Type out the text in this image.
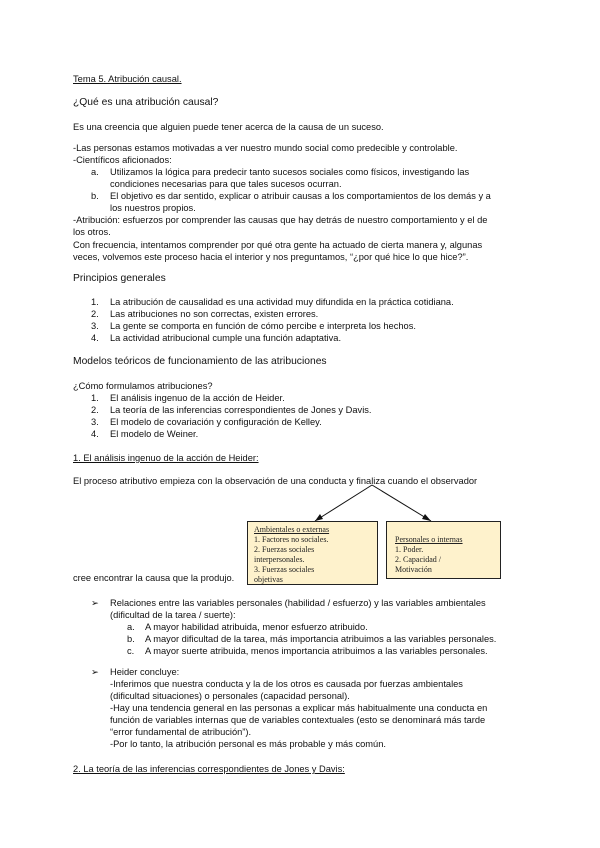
Tema 5. Atribución causal.
¿Qué es una atribución causal?
Es una creencia que alguien puede tener acerca de la causa de un suceso.
-Las personas estamos motivadas a ver nuestro mundo social como predecible y controlable.
-Científicos aficionados:
a. Utilizamos la lógica para predecir tanto sucesos sociales como físicos, investigando las
condiciones necesarias para que tales sucesos ocurran.
b. El objetivo es dar sentido, explicar o atribuir causas a los comportamientos de los demás y a
los nuestros propios.
-Atribución: esfuerzos por comprender las causas que hay detrás de nuestro comportamiento y el de
los otros.
Con frecuencia, intentamos comprender por qué otra gente ha actuado de cierta manera y, algunas
veces, volvemos este proceso hacia el interior y nos preguntamos, “¿por qué hice lo que hice?”.
Principios generales
1. La atribución de causalidad es una actividad muy difundida en la práctica cotidiana.
2. Las atribuciones no son correctas, existen errores.
3. La gente se comporta en función de cómo percibe e interpreta los hechos.
4. La actividad atribucional cumple una función adaptativa.
Modelos teóricos de funcionamiento de las atribuciones
¿Cómo formulamos atribuciones?
1. El análisis ingenuo de la acción de Heider.
2. La teoría de las inferencias correspondientes de Jones y Davis.
3. El modelo de covariación y configuración de Kelley.
4. El modelo de Weiner.
1. El análisis ingenuo de la acción de Heider:
El proceso atributivo empieza con la observación de una conducta y finaliza cuando el observador
Ambientales o externas
1. Factores no sociales.
2. Fuerzas sociales
interpersonales.
3. Fuerzas sociales
objetivas
Personales o internas
1. Poder.
2. Capacidad /
Motivación
cree encontrar la causa que la produjo.
➢ Relaciones entre las variables personales (habilidad / esfuerzo) y las variables ambientales
(dificultad de la tarea / suerte):
a. A mayor habilidad atribuida, menor esfuerzo atribuido.
b. A mayor dificultad de la tarea, más importancia atribuimos a las variables personales.
c. A mayor suerte atribuida, menos importancia atribuimos a las variables personales.
➢ Heider concluye:
-Inferimos que nuestra conducta y la de los otros es causada por fuerzas ambientales
(dificultad situaciones) o personales (capacidad personal).
-Hay una tendencia general en las personas a explicar más habitualmente una conducta en
función de variables internas que de variables contextuales (esto se denominará más tarde
“error fundamental de atribución”).
-Por lo tanto, la atribución personal es más probable y más común.
2. La teoría de las inferencias correspondientes de Jones y Davis:
